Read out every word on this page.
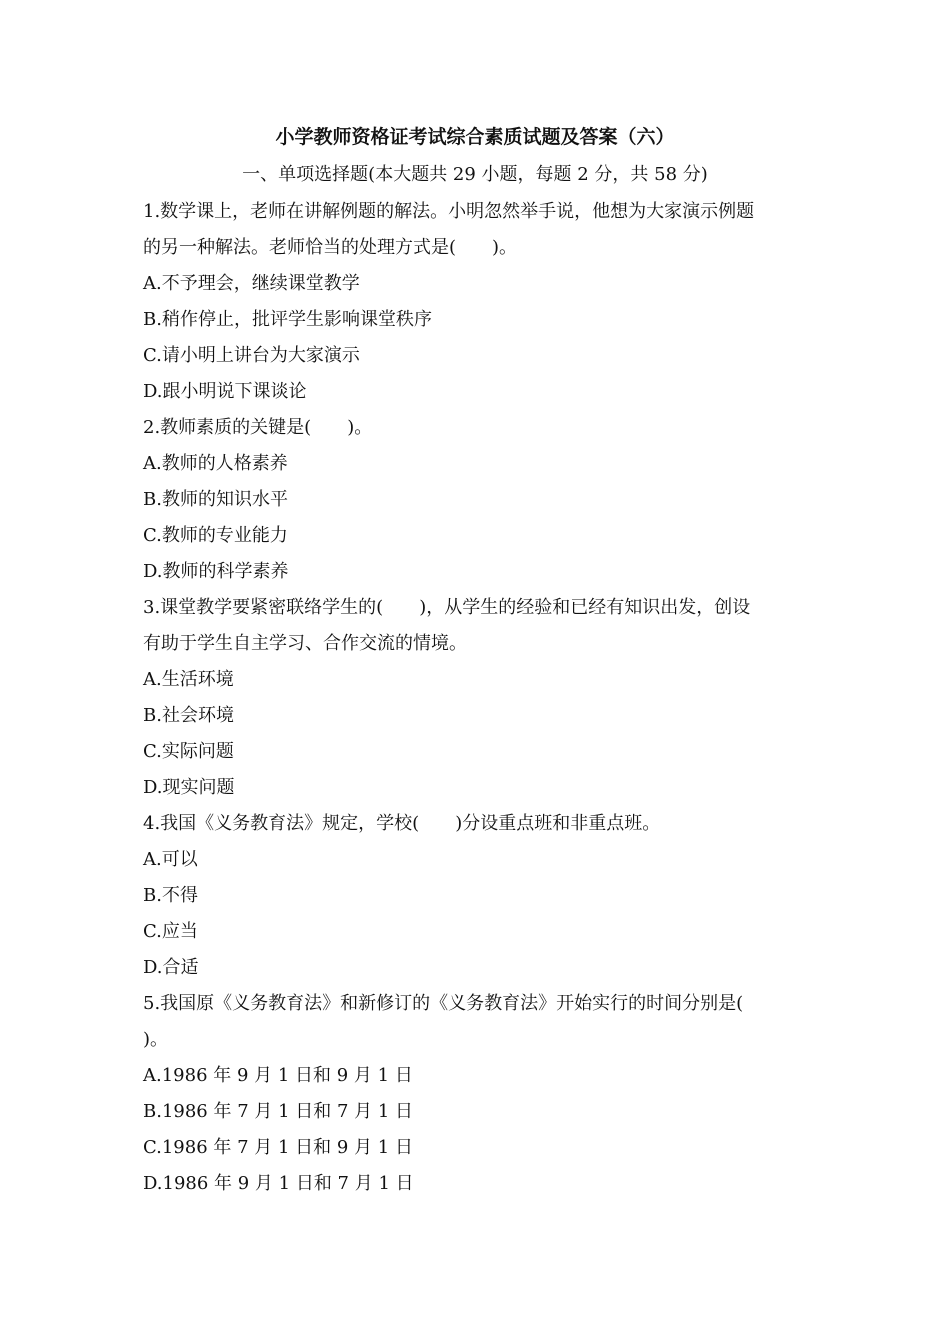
小学教师资格证考试综合素质试题及答案（六）
一、单项选择题(本大题共 29 小题，每题 2 分，共 58 分)
1.数学课上，老师在讲解例题的解法。小明忽然举手说，他想为大家演示例题
的另一种解法。老师恰当的处理方式是(　　)。
A.不予理会，继续课堂教学
B.稍作停止，批评学生影响课堂秩序
C.请小明上讲台为大家演示
D.跟小明说下课谈论
2.教师素质的关键是(　　)。
A.教师的人格素养
B.教师的知识水平
C.教师的专业能力
D.教师的科学素养
3.课堂教学要紧密联络学生的(　　)，从学生的经验和已经有知识出发，创设
有助于学生自主学习、合作交流的情境。
A.生活环境
B.社会环境
C.实际问题
D.现实问题
4.我国《义务教育法》规定，学校(　　)分设重点班和非重点班。
A.可以
B.不得
C.应当
D.合适
5.我国原《义务教育法》和新修订的《义务教育法》开始实行的时间分别是(
)。
A.1986 年 9 月 1 日和 9 月 1 日
B.1986 年 7 月 1 日和 7 月 1 日
C.1986 年 7 月 1 日和 9 月 1 日
D.1986 年 9 月 1 日和 7 月 1 日
